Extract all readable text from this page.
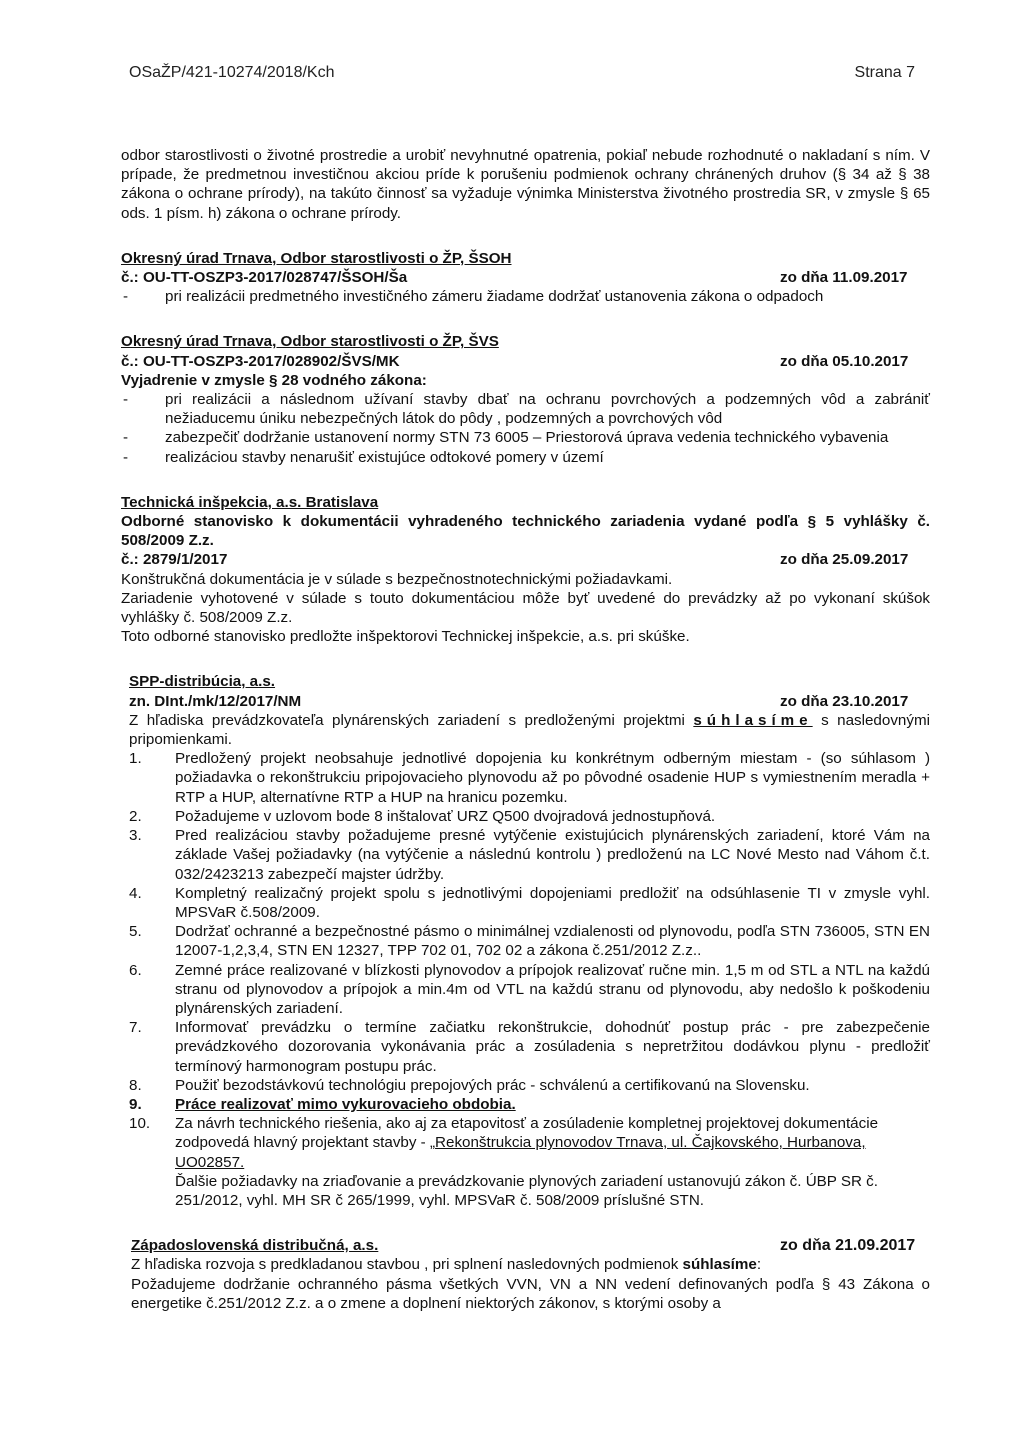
OSaŽP/421-10274/2018/Kch	Strana 7

odbor starostlivosti o životné prostredie a urobiť nevyhnutné opatrenia, pokiaľ nebude rozhodnuté o nakladaní s ním. V prípade, že predmetnou investičnou akciou príde k porušeniu podmienok ochrany chránených druhov (§ 34 až § 38 zákona o ochrane prírody), na takúto činnosť sa vyžaduje výnimka Ministerstva životného prostredia SR, v zmysle § 65 ods. 1 písm. h) zákona o ochrane prírody.

Okresný úrad Trnava, Odbor starostlivosti o ŽP, ŠSOH

č.: OU-TT-OSZP3-2017/028747/ŠSOH/Ša	zo dňa 11.09.2017
-	pri realizácii predmetného investičného zámeru žiadame dodržať ustanovenia zákona o odpadoch

Okresný úrad Trnava, Odbor starostlivosti o ŽP, ŠVS

č.: OU-TT-OSZP3-2017/028902/ŠVS/MK	zo dňa 05.10.2017

Vyjadrenie v zmysle § 28 vodného zákona:

-	pri realizácii a následnom užívaní stavby dbať na ochranu povrchových a podzemných vôd a zabrániť nežiaducemu úniku nebezpečných látok do pôdy , podzemných a povrchových vôd
-	zabezpečiť dodržanie ustanovení normy STN 73 6005 – Priestorová úprava vedenia technického vybavenia
-	realizáciou stavby nenarušiť existujúce odtokové pomery v území

Technická inšpekcia, a.s. Bratislava

Odborné stanovisko k dokumentácii vyhradeného technického zariadenia vydané podľa § 5 vyhlášky č. 508/2009 Z.z.

č.: 2879/1/2017	zo dňa 25.09.2017

Konštrukčná dokumentácia je v súlade s bezpečnostnotechnickými požiadavkami.

Zariadenie vyhotovené v súlade s touto dokumentáciou môže byť uvedené do prevádzky až po vykonaní skúšok vyhlášky č. 508/2009 Z.z.

Toto odborné stanovisko predložte inšpektorovi Technickej inšpekcie, a.s. pri skúške.

SPP-distribúcia, a.s.

zn. DInt./mk/12/2017/NM	zo dňa 23.10.2017

Z hľadiska prevádzkovateľa plynárenských zariadení s predloženými projektmi súhlasíme s nasledovnými pripomienkami.

1.	Predložený projekt neobsahuje jednotlivé dopojenia ku konkrétnym odberným miestam - (so súhlasom ) požiadavka o rekonštrukciu pripojovacieho plynovodu až po pôvodné osadenie HUP s vymiestnením meradla + RTP a HUP, alternatívne RTP a HUP na hranicu pozemku.
2.	Požadujeme v uzlovom bode 8 inštalovať URZ Q500 dvojradová jednostupňová.
3.	Pred realizáciou stavby požadujeme presné vytýčenie existujúcich plynárenských zariadení, ktoré Vám na základe Vašej požiadavky (na vytýčenie a následnú kontrolu ) predloženú na LC Nové Mesto nad Váhom č.t. 032/2423213 zabezpečí majster údržby.
4.	Kompletný realizačný projekt spolu s jednotlivými dopojeniami predložiť na odsúhlasenie TI v zmysle vyhl. MPSVaR č.508/2009.
5.	Dodržať ochranné a bezpečnostné pásmo o minimálnej vzdialenosti od plynovodu, podľa STN 736005, STN EN 12007-1,2,3,4, STN EN 12327, TPP 702 01, 702 02 a zákona č.251/2012 Z.z..
6.	Zemné práce realizované v blízkosti plynovodov a prípojok realizovať ručne min. 1,5 m od STL a NTL na každú stranu od plynovodov a prípojok a min.4m od VTL na každú stranu od plynovodu, aby nedošlo k poškodeniu plynárenských zariadení.
7.	Informovať prevádzku o termíne začiatku rekonštrukcie, dohodnúť postup prác - pre zabezpečenie prevádzkového dozorovania vykonávania prác a zosúladenia s nepretržitou dodávkou plynu - predložiť termínový harmonogram postupu prác.
8.	Použiť bezodstávkovú technológiu prepojových prác - schválenú a certifikovanú na Slovensku.
9.	Práce realizovať mimo vykurovacieho obdobia.
10.	Za návrh technického riešenia, ako aj za etapovitosť a zosúladenie kompletnej projektovej dokumentácie zodpovedá hlavný projektant stavby - „Rekonštrukcia plynovodov Trnava, ul. Čajkovského, Hurbanova, UO02857.
Ďalšie požiadavky na zriaďovanie a prevádzkovanie plynových zariadení ustanovujú zákon č. ÚBP SR č. 251/2012, vyhl. MH SR č 265/1999, vyhl. MPSVaR č. 508/2009 príslušné STN.
Západoslovenská distribučná, a.s.	zo dňa 21.09.2017

Z hľadiska rozvoja s predkladanou stavbou , pri splnení nasledovných podmienok súhlasíme:

Požadujeme dodržanie ochranného pásma všetkých VVN, VN a NN vedení definovaných podľa § 43 Zákona o energetike č.251/2012 Z.z. a o zmene a doplnení niektorých zákonov, s ktorými osoby a
